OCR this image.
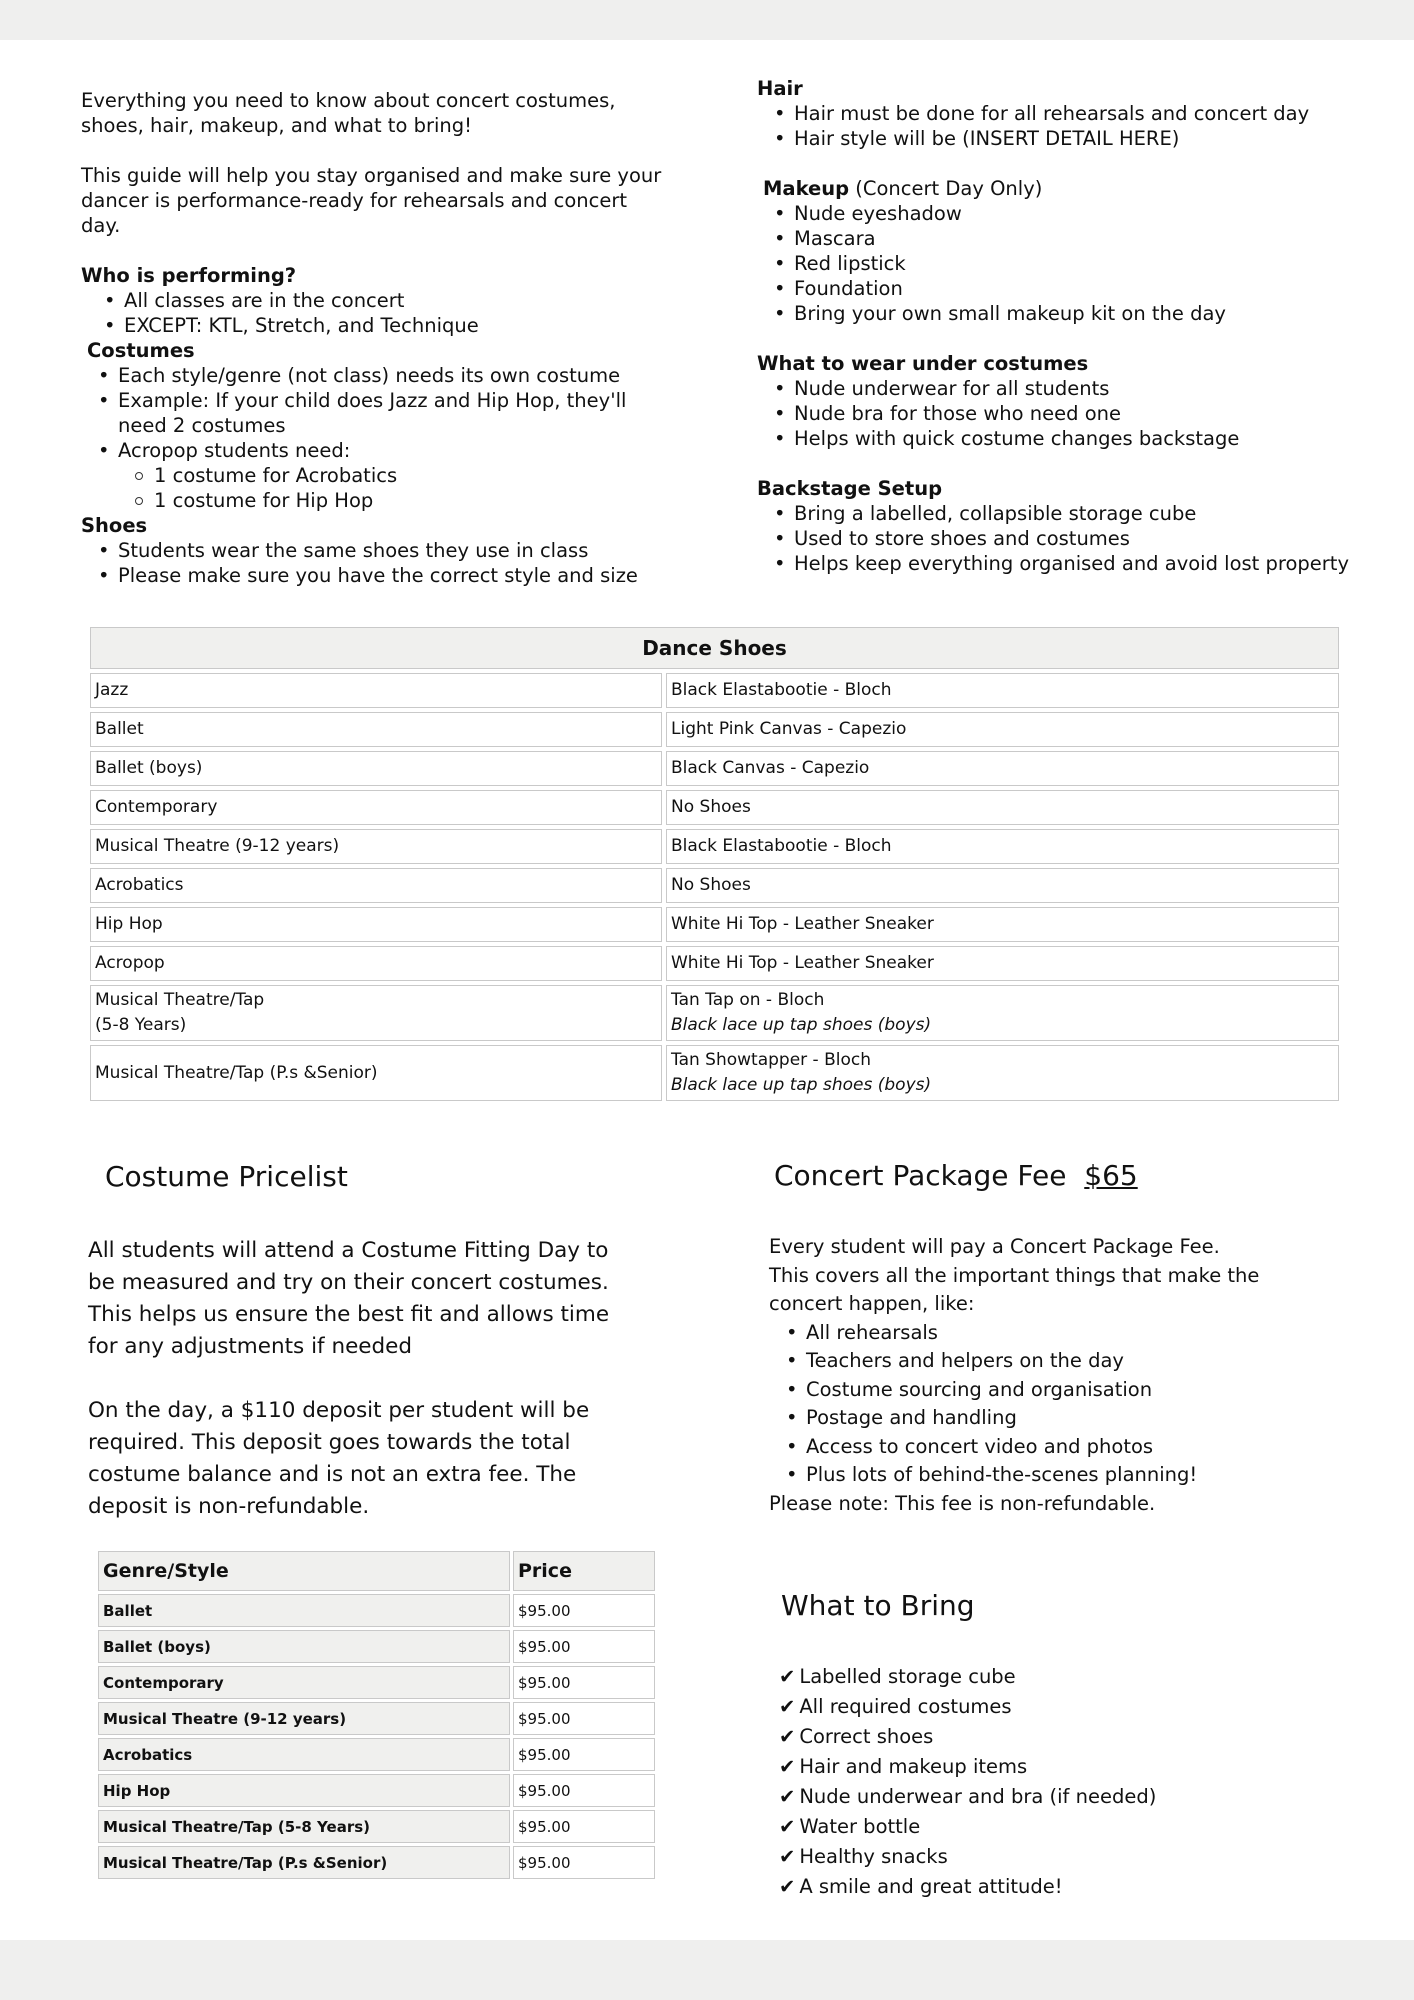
Everything you need to know about concert costumes, shoes, hair, makeup, and what to bring!

This guide will help you stay organised and make sure your dancer is performance-ready for rehearsals and concert day.

Who is performing?
• All classes are in the concert
• EXCEPT: KTL, Stretch, and Technique
Costumes
• Each style/genre (not class) needs its own costume
• Example: If your child does Jazz and Hip Hop, they'll need 2 costumes
• Acropop students need:
1 costume for Acrobatics
1 costume for Hip Hop
Shoes
• Students wear the same shoes they use in class
• Please make sure you have the correct style and size
Hair
• Hair must be done for all rehearsals and concert day
• Hair style will be (INSERT DETAIL HERE)
Makeup (Concert Day Only)
• Nude eyeshadow
• Mascara
• Red lipstick
• Foundation
• Bring your own small makeup kit on the day
What to wear under costumes
• Nude underwear for all students
• Nude bra for those who need one
• Helps with quick costume changes backstage
Backstage Setup
• Bring a labelled, collapsible storage cube
• Used to store shoes and costumes
• Helps keep everything organised and avoid lost property
Dance Shoes	
Jazz	Black Elastabootie - Bloch
Ballet	Light Pink Canvas - Capezio
Ballet (boys)	Black Canvas - Capezio
Contemporary	No Shoes
Musical Theatre (9-12 years)	Black Elastabootie - Bloch
Acrobatics	No Shoes
Hip Hop	White Hi Top - Leather Sneaker
Acropop	White Hi Top - Leather Sneaker
Musical Theatre/Tap
(5-8 Years)	Tan Tap on - Bloch
Black lace up tap shoes (boys)

Musical Theatre/Tap (P.s &Senior)	Tan Showtapper - Bloch
Black lace up tap shoes (boys)
Costume Pricelist

All students will attend a Costume Fitting Day to be measured and try on their concert costumes. This helps us ensure the best fit and allows time for any adjustments if needed

On the day, a $110 deposit per student will be required. This deposit goes towards the total costume balance and is not an extra fee. The deposit is non-refundable.

Genre/Style	Price
Ballet	$95.00
Ballet (boys)	$95.00
Contemporary	$95.00
Musical Theatre (9-12 years)	$95.00
Acrobatics	$95.00
Hip Hop	$95.00
Musical Theatre/Tap (5-8 Years)	$95.00
Musical Theatre/Tap (P.s &Senior)	$95.00
Concert Package Fee $65

Every student will pay a Concert Package Fee.

This covers all the important things that make the concert happen, like:

• All rehearsals
• Teachers and helpers on the day
• Costume sourcing and organisation
• Postage and handling
• Access to concert video and photos
• Plus lots of behind-the-scenes planning!

Please note: This fee is non-refundable.

What to Bring
✔ Labelled storage cube
✔ All required costumes
✔ Correct shoes
✔ Hair and makeup items
✔ Nude underwear and bra (if needed)
✔ Water bottle
✔ Healthy snacks
✔ A smile and great attitude!
